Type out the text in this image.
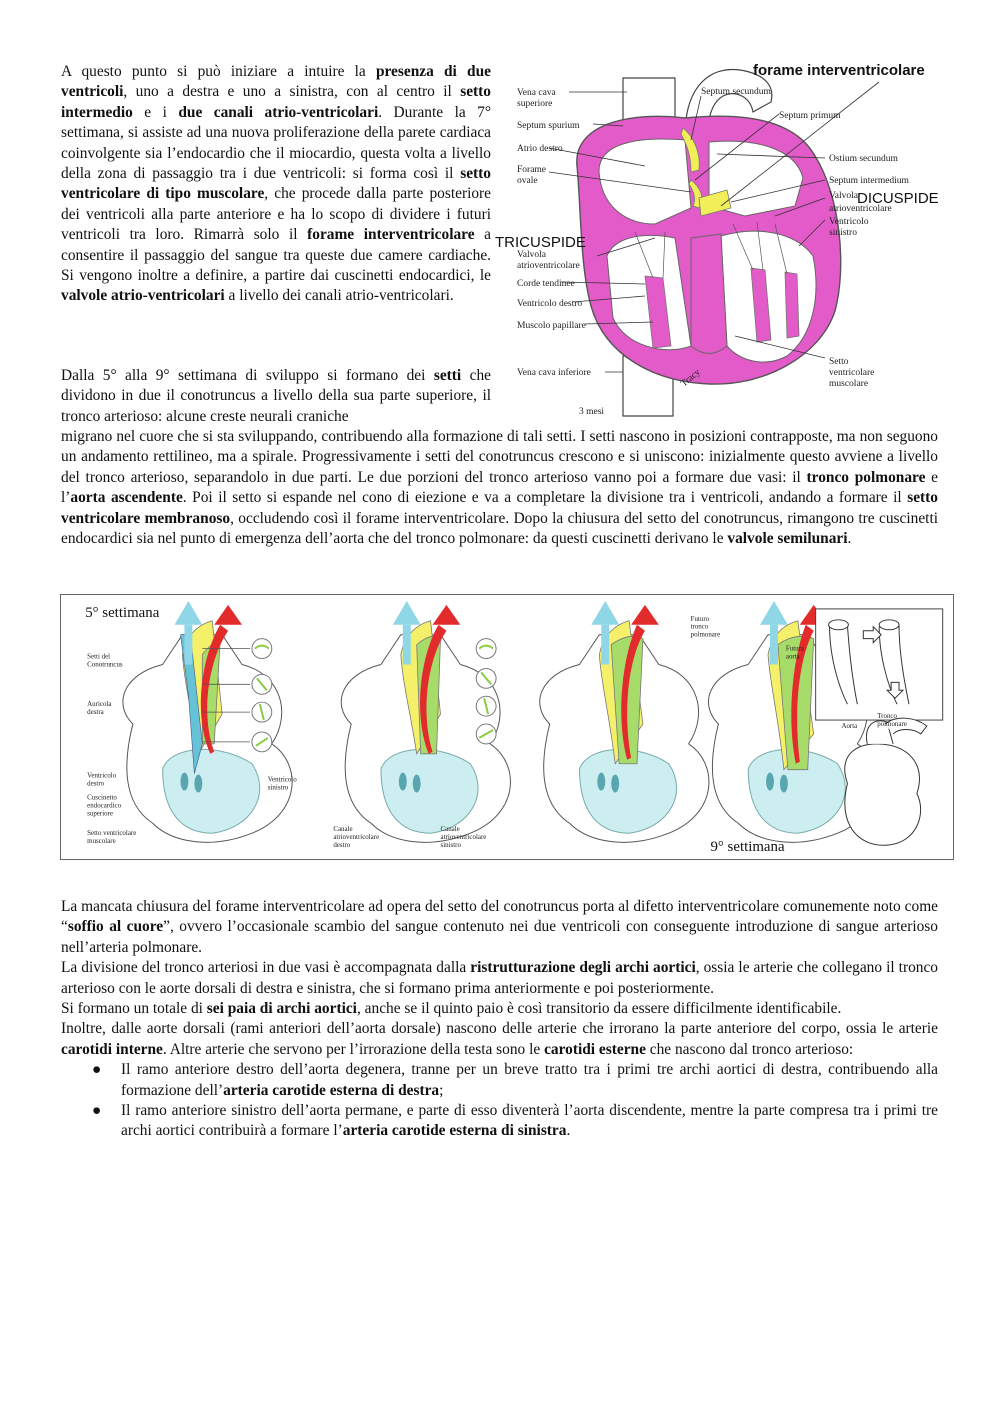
A questo punto si può iniziare a intuire la presenza di due ventricoli, uno a destra e uno a sinistra, con al centro il setto intermedio e i due canali atrio-ventricolari. Durante la 7° settimana, si assiste ad una nuova proliferazione della parete cardiaca coinvolgente sia l’endocardio che il miocardio, questa volta a livello della zona di passaggio tra i due ventricoli: si forma così il setto ventricolare di tipo muscolare, che procede dalla parte posteriore dei ventricoli alla parte anteriore e ha lo scopo di dividere i futuri ventricoli tra loro. Rimarrà solo il forame interventricolare a consentire il passaggio del sangue tra queste due camere cardiache. Si vengono inoltre a definire, a partire dai cuscinetti endocardici, le valvole atrio-ventricolari a livello dei canali atrio-ventricolari.
Dalla 5° alla 9° settimana di sviluppo si formano dei setti che dividono in due il conotruncus a livello della sua parte superiore, il tronco arterioso: alcune creste neurali craniche
migrano nel cuore che si sta sviluppando, contribuendo alla formazione di tali setti. I setti nascono in posizioni contrapposte, ma non seguono un andamento rettilineo, ma a spirale. Progressivamente i setti del conotruncus crescono e si uniscono: inizialmente questo avviene a livello del tronco arterioso, separandolo in due parti. Le due porzioni del tronco arterioso vanno poi a formare due vasi: il tronco polmonare e l’aorta ascendente. Poi il setto si espande nel cono di eiezione e va a completare la divisione tra i ventricoli, andando a formare il setto ventricolare membranoso, occludendo così il forame interventricolare. Dopo la chiusura del setto del conotruncus, rimangono tre cuscinetti endocardici sia nel punto di emergenza dell’aorta che del tronco polmonare: da questi cuscinetti derivano le valvole semilunari.
forame interventricolare
Vena cava
superiore
Septum spurium
Atrio destro
Forame
ovale
TRICUSPIDE
Valvola
atrioventricolare
Corde tendinee
Ventricolo destro
Muscolo papillare
Vena cava inferiore
Septum secundum
Septum primum
Ostium secundum
Septum intermedium
Valvola
DICUSPIDE
atrioventricolare
Ventricolo
sinistro
Setto
ventricolare
muscolare
Tracy
3 mesi
5° settimana
9° settimana
Setti del
Conotruncus
Auricola
destra
Ventricolo
destro
Cuscinetto
endocardico
superiore
Setto ventricolare
muscolare
Ventricolo
sinistro
Canale
atrioventricolare
destro
Canale
atrioventricolare
sinistro
Futuro
tronco
polmonare
Futura
aorta
Aorta
Tronco
polmonare
La mancata chiusura del forame interventricolare ad opera del setto del conotruncus porta al difetto interventricolare comunemente noto come “soffio al cuore”, ovvero l’occasionale scambio del sangue contenuto nei due ventricoli con conseguente introduzione di sangue arterioso nell’arteria polmonare.
La divisione del tronco arteriosi in due vasi è accompagnata dalla ristrutturazione degli archi aortici, ossia le arterie che collegano il tronco arterioso con le aorte dorsali di destra e sinistra, che si formano prima anteriormente e poi posteriormente.
Si formano un totale di sei paia di archi aortici, anche se il quinto paio è così transitorio da essere difficilmente identificabile.
Inoltre, dalle aorte dorsali (rami anteriori dell’aorta dorsale) nascono delle arterie che irrorano la parte anteriore del corpo, ossia le arterie carotidi interne. Altre arterie che servono per l’irrorazione della testa sono le carotidi esterne che nascono dal tronco arterioso:
● Il ramo anteriore destro dell’aorta degenera, tranne per un breve tratto tra i primi tre archi aortici di destra, contribuendo alla formazione dell’arteria carotide esterna di destra;
● Il ramo anteriore sinistro dell’aorta permane, e parte di esso diventerà l’aorta discendente, mentre la parte compresa tra i primi tre archi aortici contribuirà a formare l’arteria carotide esterna di sinistra.
